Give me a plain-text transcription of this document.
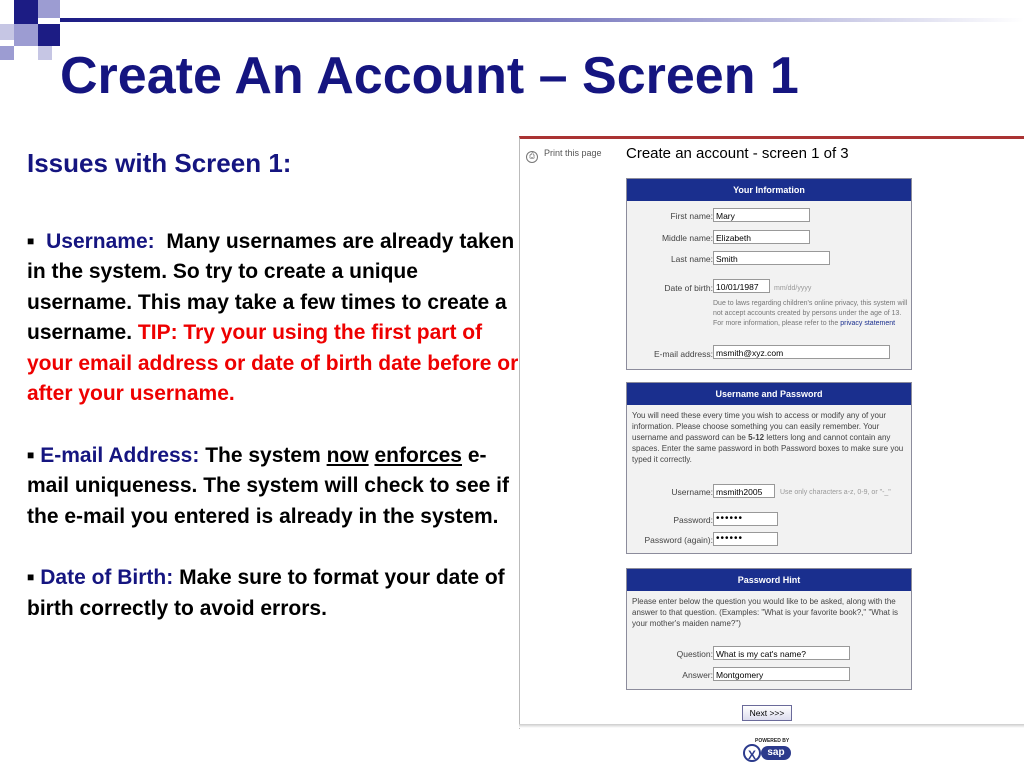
Create An Account – Screen 1
Issues with Screen 1:
■ Username: Many usernames are already taken in the system. So try to create a unique username. This may take a few times to create a username. TIP: Try your using the first part of your email address or date of birth date before or after your username.
■ E-mail Address: The system now enforces e-mail uniqueness. The system will check to see if the e-mail you entered is already in the system.
■ Date of Birth: Make sure to format your date of birth correctly to avoid errors.
⎙ Print this page Create an account - screen 1 of 3
Your Information
First name: Mary
Middle name: Elizabeth
Last name: Smith
Date of birth: 10/01/1987	mm/dd/yyyy
Due to laws regarding children's online privacy, this system will not accept accounts created by persons under the age of 13. For more information, please refer to the privacy statement
E-mail address: msmith@xyz.com
Username and Password
You will need these every time you wish to access or modify any of your information. Please choose something you can easily remember. Your username and password can be 5-12 letters long and cannot contain any spaces. Enter the same password in both Password boxes to make sure you typed it correctly.
Username: msmith2005	Use only characters a-z, 0-9, or "-_"
Password: ••••••
Password (again): ••••••
Password Hint
Please enter below the question you would like to be asked, along with the answer to that question. (Examples: "What is your favorite book?," "What is your mother's maiden name?")
Question: What is my cat's name?
Answer: Montgomery
Next >>>
POWERED BY
X	sap
